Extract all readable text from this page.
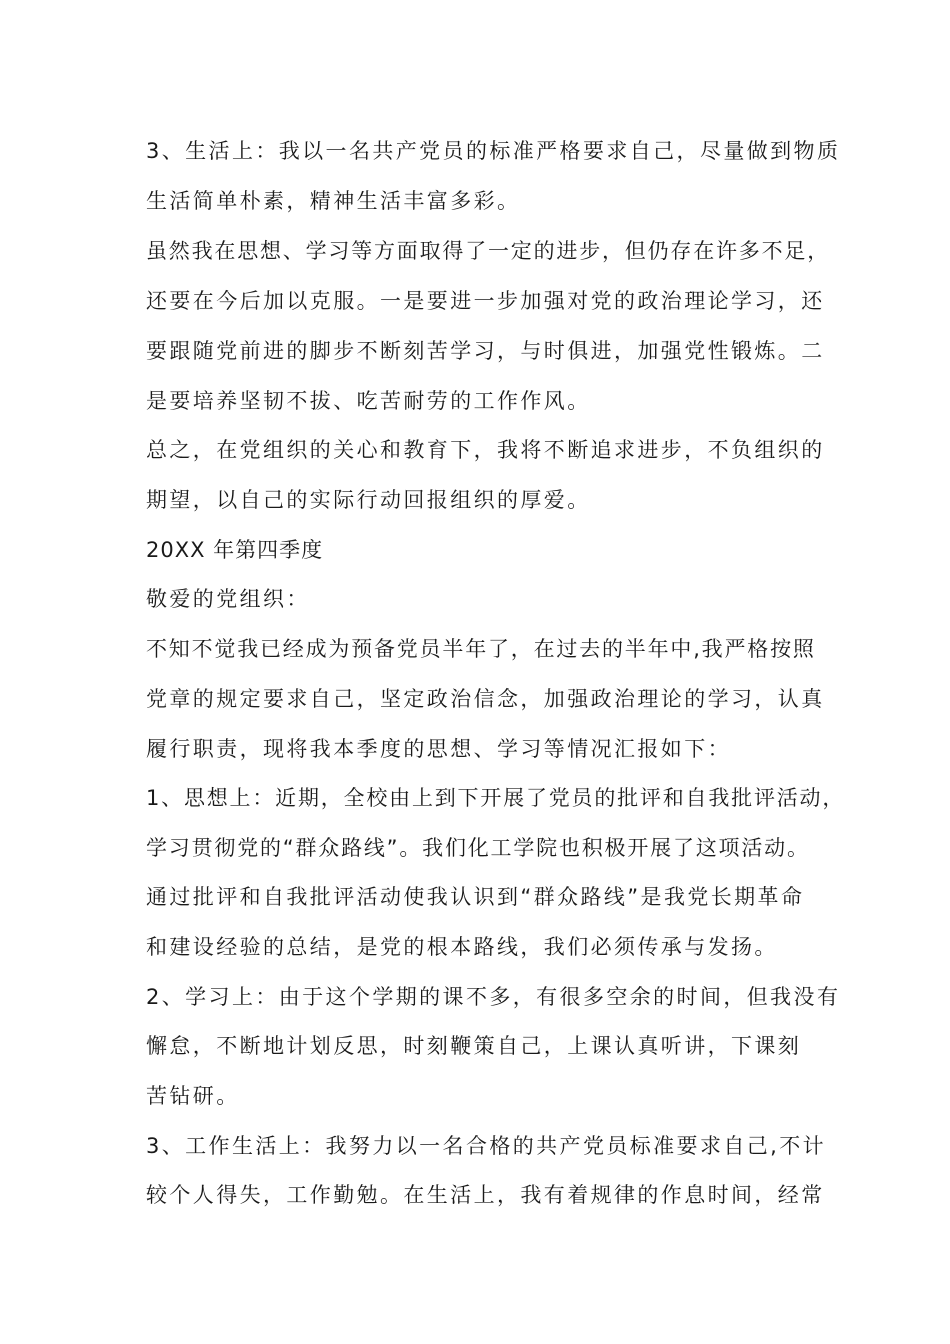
3、生活上：我以一名共产党员的标准严格要求自己，尽量做到物质
生活简单朴素，精神生活丰富多彩。
虽然我在思想、学习等方面取得了一定的进步，但仍存在许多不足，
还要在今后加以克服。一是要进一步加强对党的政治理论学习，还
要跟随党前进的脚步不断刻苦学习，与时俱进，加强党性锻炼。二
是要培养坚韧不拔、吃苦耐劳的工作作风。
总之，在党组织的关心和教育下，我将不断追求进步，不负组织的
期望，以自己的实际行动回报组织的厚爱。
20XX 年第四季度
敬爱的党组织：
不知不觉我已经成为预备党员半年了，在过去的半年中,我严格按照
党章的规定要求自己，坚定政治信念，加强政治理论的学习，认真
履行职责，现将我本季度的思想、学习等情况汇报如下：
1、思想上：近期，全校由上到下开展了党员的批评和自我批评活动，
学习贯彻党的“群众路线”。我们化工学院也积极开展了这项活动。
通过批评和自我批评活动使我认识到“群众路线”是我党长期革命
和建设经验的总结，是党的根本路线，我们必须传承与发扬。
2、学习上：由于这个学期的课不多，有很多空余的时间，但我没有
懈怠，不断地计划反思，时刻鞭策自己，上课认真听讲，下课刻
苦钻研。
3、工作生活上：我努力以一名合格的共产党员标准要求自己,不计
较个人得失，工作勤勉。在生活上，我有着规律的作息时间，经常
